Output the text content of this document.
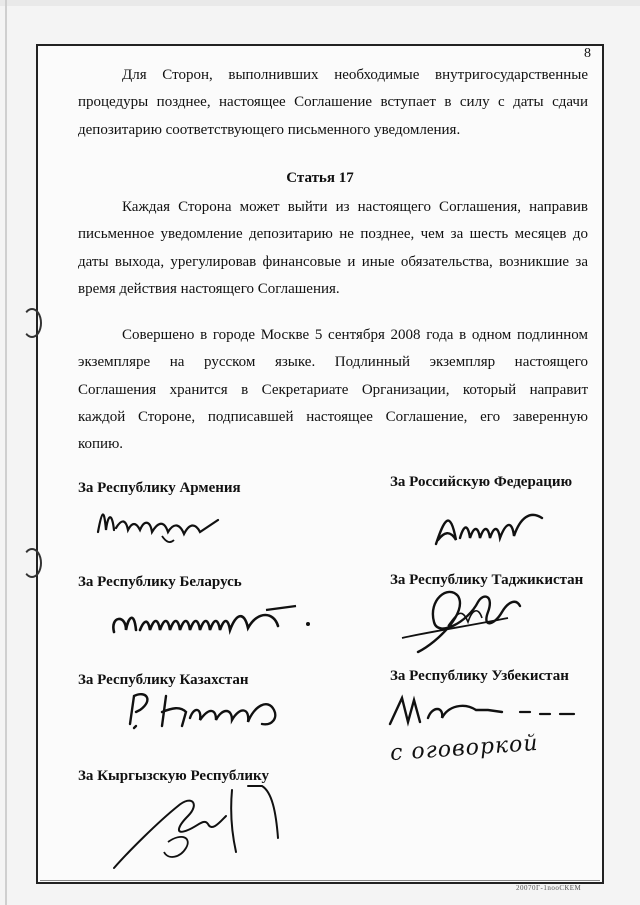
8
Для Сторон, выполнивших необходимые внутригосударственные
процедуры позднее, настоящее Соглашение вступает в силу с даты сдачи
депозитарию соответствующего письменного уведомления.
Статья 17
Каждая Сторона может выйти из настоящего Соглашения, направив
письменное уведомление депозитарию не позднее, чем за шесть месяцев до
даты выхода, урегулировав финансовые и иные обязательства, возникшие за
время действия настоящего Соглашения.
Совершено в городе Москве 5 сентября 2008 года в одном подлинном
экземпляре на русском языке. Подлинный экземпляр настоящего
Соглашения хранится в Секретариате Организации, который направит
каждой Стороне, подписавшей настоящее Соглашение, его заверенную
копию.
За Республику Армения	За Российскую Федерацию
За Республику Беларусь	За Республику Таджикистан
За Республику Казахстан	За Республику Узбекистан
За Кыргызскую Республику
с оговоркой
20070Г-1nooСКЕМ
